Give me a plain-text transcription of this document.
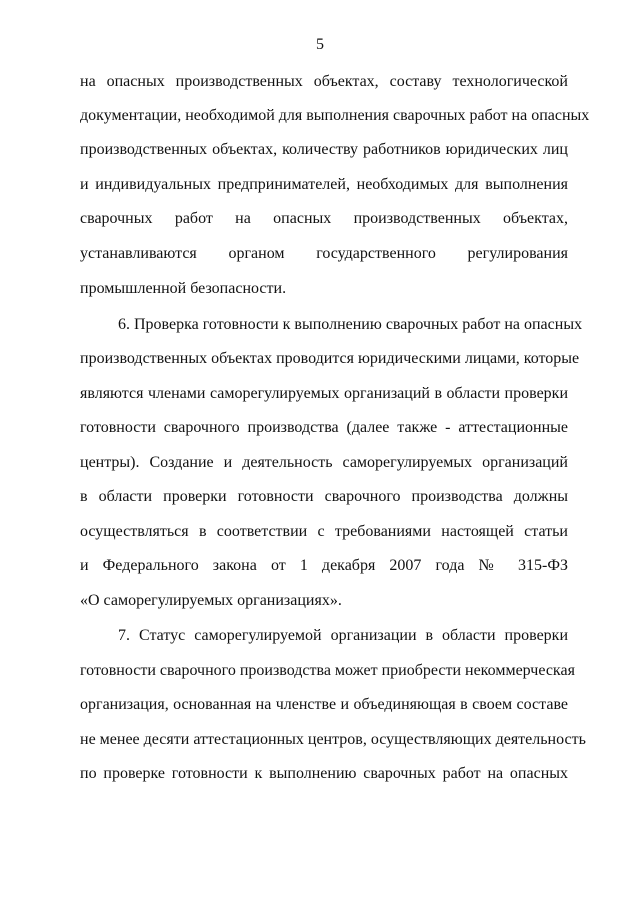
5
на опасных производственных объектах, составу технологической
документации, необходимой для выполнения сварочных работ на опасных
производственных объектах, количеству работников юридических лиц
и индивидуальных предпринимателей, необходимых для выполнения
сварочных работ на опасных производственных объектах,
устанавливаются органом государственного регулирования
промышленной безопасности.
6. Проверка готовности к выполнению сварочных работ на опасных
производственных объектах проводится юридическими лицами, которые
являются членами саморегулируемых организаций в области проверки
готовности сварочного производства (далее также - аттестационные
центры). Создание и деятельность саморегулируемых организаций
в области проверки готовности сварочного производства должны
осуществляться в соответствии с требованиями настоящей статьи
и Федерального закона от 1 декабря 2007 года № 315-ФЗ
«О саморегулируемых организациях».
7. Статус саморегулируемой организации в области проверки
готовности сварочного производства может приобрести некоммерческая
организация, основанная на членстве и объединяющая в своем составе
не менее десяти аттестационных центров, осуществляющих деятельность
по проверке готовности к выполнению сварочных работ на опасных
